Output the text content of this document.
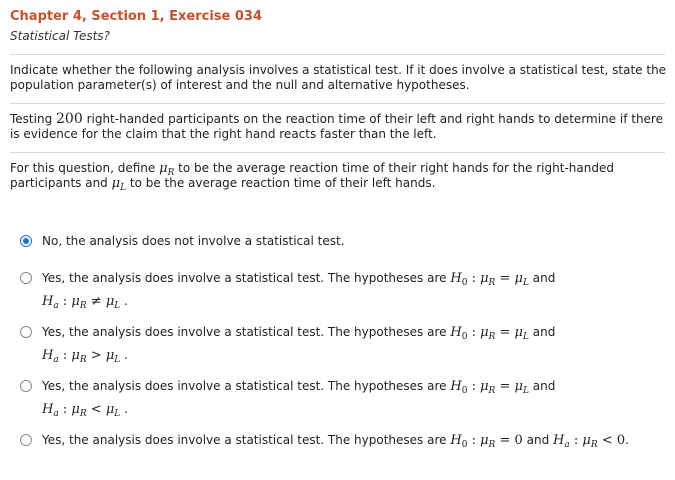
Chapter 4, Section 1, Exercise 034
Statistical Tests?
Indicate whether the following analysis involves a statistical test. If it does involve a statistical test, state the population parameter(s) of interest and the null and alternative hypotheses.
Testing 200 right-handed participants on the reaction time of their left and right hands to determine if there is evidence for the claim that the right hand reacts faster than the left.
For this question, define $\mu_R$ to be the average reaction time of their right hands for the right-handed participants and $\mu_L$ to be the average reaction time of their left hands.
No, the analysis does not involve a statistical test.
Yes, the analysis does involve a statistical test. The hypotheses are $H_0$ : $\mu_R = \mu_L$ and
$H_a$ : $\mu_R \ne \mu_L$ .
Yes, the analysis does involve a statistical test. The hypotheses are $H_0$ : $\mu_R = \mu_L$ and
$H_a$ : $\mu_R > \mu_L$ .
Yes, the analysis does involve a statistical test. The hypotheses are $H_0$ : $\mu_R = \mu_L$ and
$H_a$ : $\mu_R < \mu_L$ .
Yes, the analysis does involve a statistical test. The hypotheses are $H_0$ : $\mu_R = 0$ and $H_a$ : $\mu_R < 0$.
